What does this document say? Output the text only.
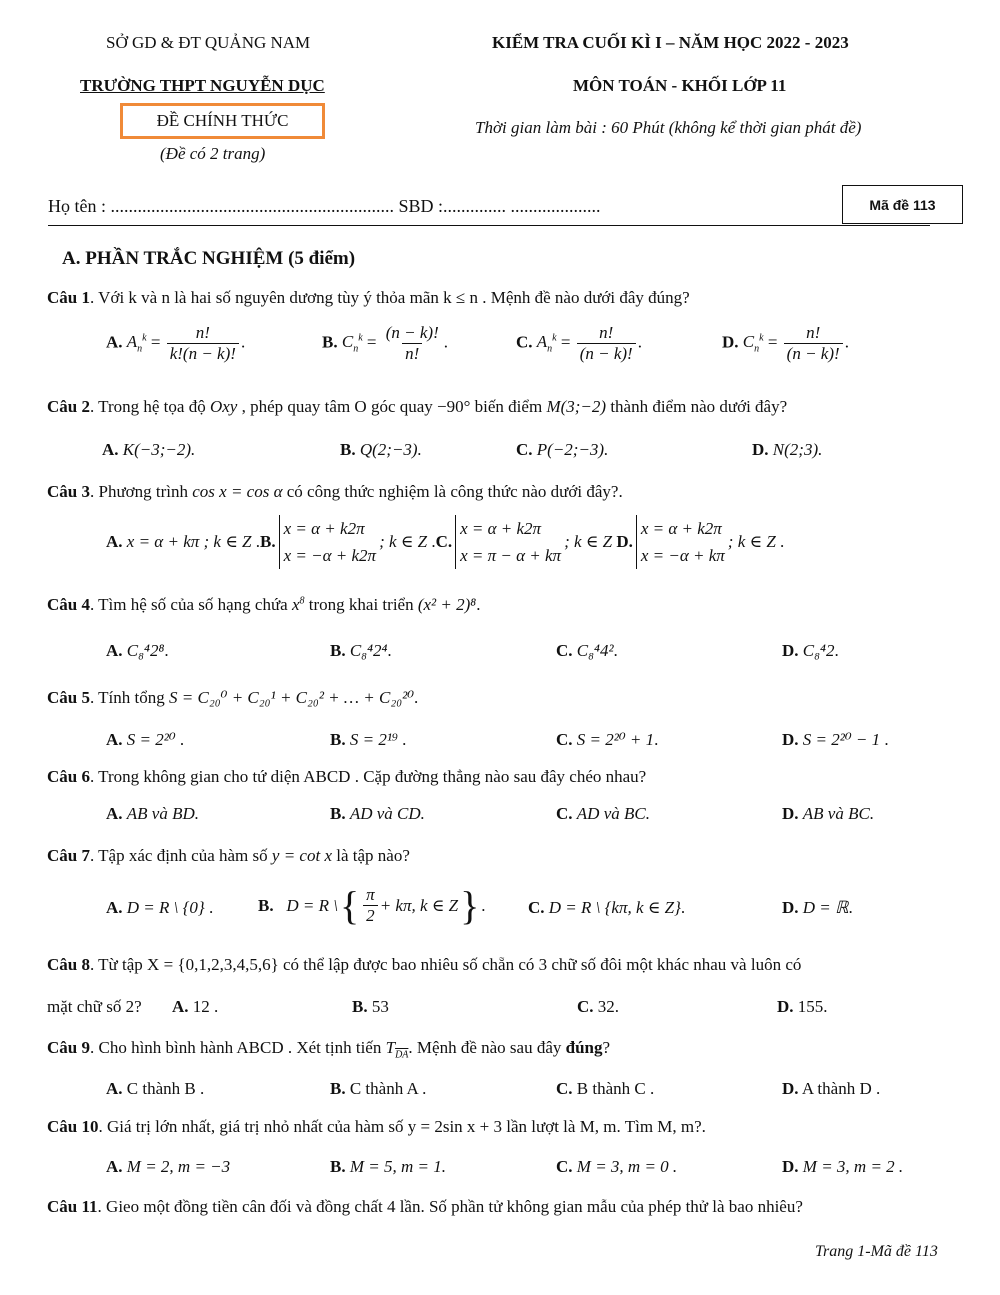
SỞ GD & ĐT QUẢNG NAM
TRƯỜNG THPT NGUYỄN DỤC
KIỂM TRA CUỐI KÌ I – NĂM HỌC 2022 - 2023
MÔN TOÁN - KHỐI LỚP 11
ĐỀ CHÍNH THỨC
(Đề có 2 trang)
Thời gian làm bài : 60 Phút (không kể thời gian phát đề)
Họ tên : ............................................................... SBD :.............. ....................	Mã đề 113
A. PHẦN TRẮC NGHIỆM (5 điểm)
Câu 1. Với k và n là hai số nguyên dương tùy ý thỏa mãn k ≤ n . Mệnh đề nào dưới đây đúng?
A. $A_n^k = \frac{n!}{k!(n - k)!}$ .	B. $C_n^k = \frac{(n - k)!}{n!}$ .	C. $A_n^k = \frac{n!}{(n - k)!}$ .	D. $C_n^k = \frac{n!}{(n - k)!}$ .
Câu 2. Trong hệ tọa độ Oxy , phép quay tâm O góc quay −90° biến điểm M(3;−2) thành điểm nào dưới đây?
A. K(−3;−2).	B. Q(2;−3).	C. P(−2;−3).	D. N(2;3).
Câu 3. Phương trình cos x = cos α có công thức nghiệm là công thức nào dưới đây?.
A.
x = α + kπ ; k ∈ Z . B.
x = α + k2π
x = −α + k2π
; k ∈ Z . C.
x = α + k2π
x = π − α + kπ
; k ∈ Z
D.
x = α + k2π
x = −α + kπ
; k ∈ Z .
Câu 4. Tìm hệ số của số hạng chứa $x^8$ trong khai triển (x² + 2)⁸.
A. C₈⁴2⁸.	B. C₈⁴2⁴.	C. C₈⁴4².	D. C₈⁴2.
Câu 5. Tính tổng S = C₂₀⁰ + C₂₀¹ + C₂₀² + … + C₂₀²⁰.
A. S = 2²⁰ .	B. S = 2¹⁹ .	C. S = 2²⁰ + 1.	D. S = 2²⁰ − 1 .
Câu 6. Trong không gian cho tứ diện ABCD . Cặp đường thẳng nào sau đây chéo nhau?
A. AB và BD.	B. AD và CD.	C. AD và BC.	D. AB và BC.
Câu 7. Tập xác định của hàm số y = cot x là tập nào?
A. D = R \ {0} .	B.
D = R \ { $\frac{\pi}{2} + k\pi$, k ∈ Z } . C. D = R \ {kπ, k ∈ Z}.	D. D = ℝ.
Câu 8. Từ tập X = {0,1,2,3,4,5,6} có thể lập được bao nhiêu số chẵn có 3 chữ số đôi một khác nhau và luôn có
mặt chữ số 2? A. 12 .	B. 53	C. 32.	D. 155.
Câu 9. Cho hình bình hành ABCD . Xét tịnh tiến $T_{\overline{DA}}$. Mệnh đề nào sau đây đúng?
A. C thành B .	B. C thành A .	C. B thành C .	D. A thành D .
Câu 10. Giá trị lớn nhất, giá trị nhỏ nhất của hàm số y = 2sin x + 3 lần lượt là M, m. Tìm M, m?.
A. M = 2, m = −3	B. M = 5, m = 1.	C. M = 3, m = 0 .	D. M = 3, m = 2 .
Câu 11. Gieo một đồng tiền cân đối và đồng chất 4 lần. Số phần tử không gian mẫu của phép thử là bao nhiêu?
Trang 1-Mã đề 113
